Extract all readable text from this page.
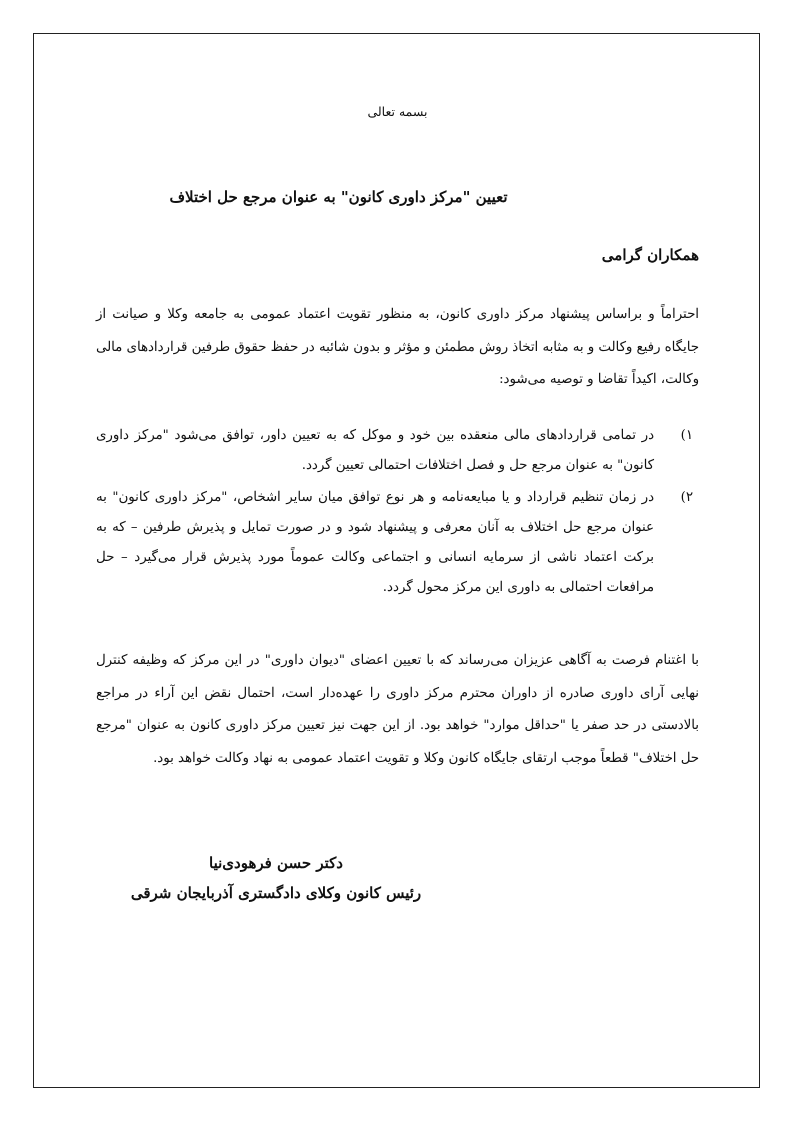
بسمه تعالی
تعیین "مرکز داوری کانون" به عنوان مرجع حل اختلاف
همکاران گرامی

احتراماً و براساس پیشنهاد مرکز داوری کانون، به منظور تقویت اعتماد عمومی به جامعه وکلا و صیانت از جایگاه رفیع وکالت و به مثابه اتخاذ روش مطمئن و مؤثر و بدون شائبه در حفظ حقوق طرفین قراردادهای مالی وکالت، اکیداً تقاضا و توصیه می‌شود:

۱)
در تمامی قراردادهای مالی منعقده بین خود و موکل که به تعیین داور، توافق می‌شود "مرکز داوری کانون" به عنوان مرجع حل و فصل اختلافات احتمالی تعیین گردد.
۲)
در زمان تنظیم قرارداد و یا مبایعه‌نامه و هر نوع توافق میان سایر اشخاص، "مرکز داوری کانون" به عنوان مرجع حل اختلاف به آنان معرفی و پیشنهاد شود و در صورت تمایل و پذیرش طرفین – که به برکت اعتماد ناشی از سرمایه انسانی و اجتماعی وکالت عموماً مورد پذیرش قرار می‌گیرد – حل مرافعات احتمالی به داوری این مرکز محول گردد.

با اغتنام فرصت به آگاهی عزیزان می‌رساند که با تعیین اعضای "دیوان داوری" در این مرکز که وظیفه کنترل نهایی آرای داوری صادره از داوران محترم مرکز داوری را عهده‌دار است، احتمال نقض این آراء در مراجع بالادستی در حد صفر یا "حداقل موارد" خواهد بود. از این جهت نیز تعیین مرکز داوری کانون به عنوان "مرجع حل اختلاف" قطعاً موجب ارتقای جایگاه کانون وکلا و تقویت اعتماد عمومی به نهاد وکالت خواهد بود.

دکتر حسن فرهودی‌نیا
رئیس کانون وکلای دادگستری آذربایجان شرقی
